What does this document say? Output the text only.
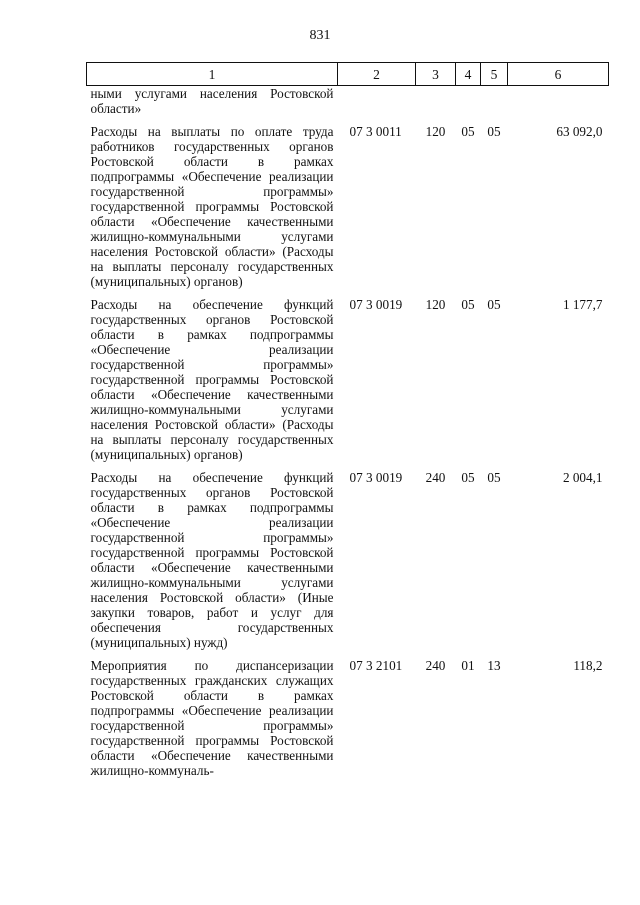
831
1	2	3	4	5	6
ными услугами населения Ростовской области»					
Расходы на выплаты по оплате труда работников государственных органов Ростовской области в рамках подпрограммы «Обеспечение реализации государственной программы» государственной программы Ростовской области «Обеспечение качественными жилищно-коммунальными услугами населения Ростовской области» (Расходы на выплаты персоналу государственных (муниципальных) органов)	07 3 0011	120	05	05	63 092,0
Расходы на обеспечение функций государственных органов Ростовской области в рамках подпрограммы «Обеспечение реализации государственной программы» государственной программы Ростовской области «Обеспечение качественными жилищно-коммунальными услугами населения Ростовской области» (Расходы на выплаты персоналу государственных (муниципальных) органов)	07 3 0019	120	05	05	1 177,7
Расходы на обеспечение функций государственных органов Ростовской области в рамках подпрограммы «Обеспечение реализации государственной программы» государственной программы Ростовской области «Обеспечение качественными жилищно-коммунальными услугами населения Ростовской области» (Иные закупки товаров, работ и услуг для обеспечения государственных (муниципальных) нужд)	07 3 0019	240	05	05	2 004,1
Мероприятия по диспансеризации государственных гражданских служащих Ростовской области в рамках подпрограммы «Обеспечение реализации государственной программы» государственной программы Ростовской области «Обеспечение качественными жилищно-коммуналь-	07 3 2101	240	01	13	118,2
